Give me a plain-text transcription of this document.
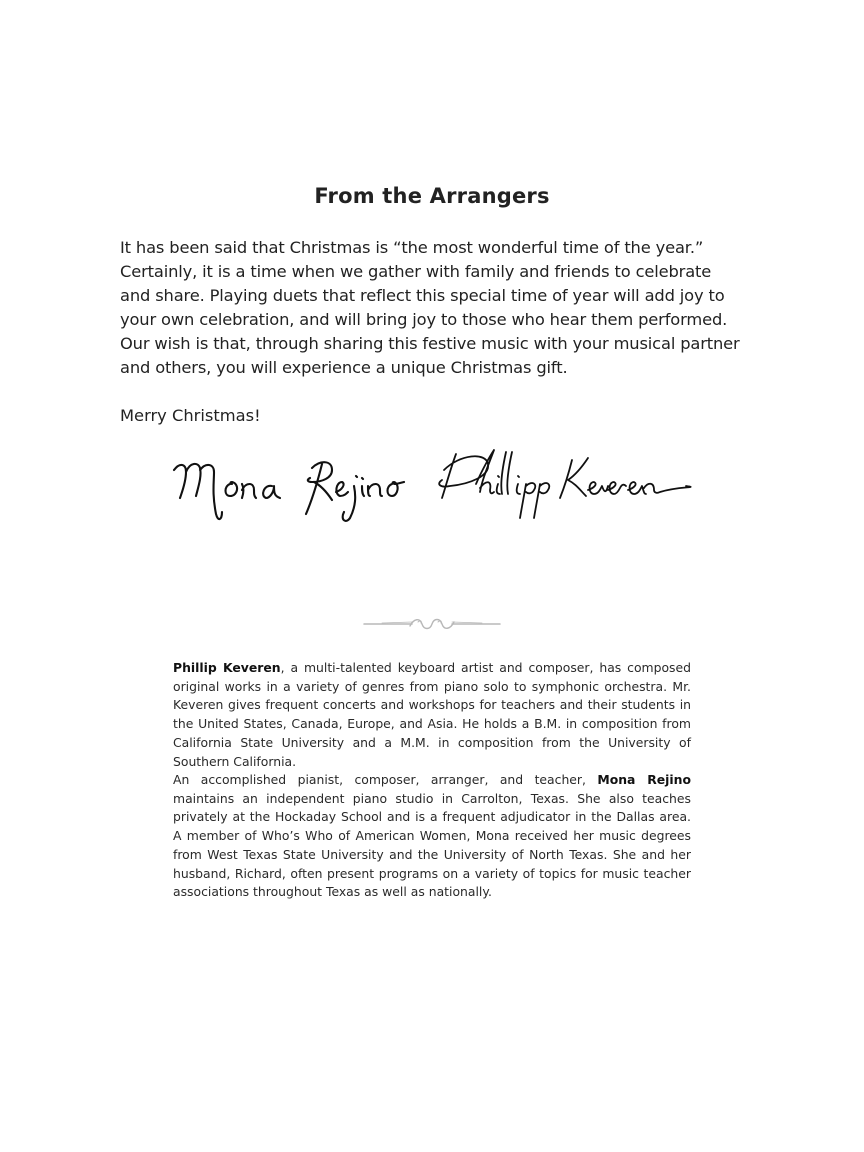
From the Arrangers
It has been said that Christmas is “the most wonderful time of the year.”
Certainly, it is a time when we gather with family and friends to celebrate
and share. Playing duets that reflect this special time of year will add joy to
your own celebration, and will bring joy to those who hear them performed.
Our wish is that, through sharing this festive music with your musical partner
and others, you will experience a unique Christmas gift.
Merry Christmas!

Phillip Keveren, a multi-talented keyboard artist and composer, has composed original works in a variety of genres from piano solo to symphonic orchestra. Mr. Keveren gives frequent concerts and workshops for teachers and their students in the United States, Canada, Europe, and Asia. He holds a B.M. in composition from California State University and a M.M. in composition from the University of Southern California.

An accomplished pianist, composer, arranger, and teacher, Mona Rejino maintains an independent piano studio in Carrolton, Texas. She also teaches privately at the Hockaday School and is a frequent adjudicator in the Dallas area. A member of Who’s Who of American Women, Mona received her music degrees from West Texas State University and the University of North Texas. She and her husband, Richard, often present programs on a variety of topics for music teacher associations throughout Texas as well as nationally.
